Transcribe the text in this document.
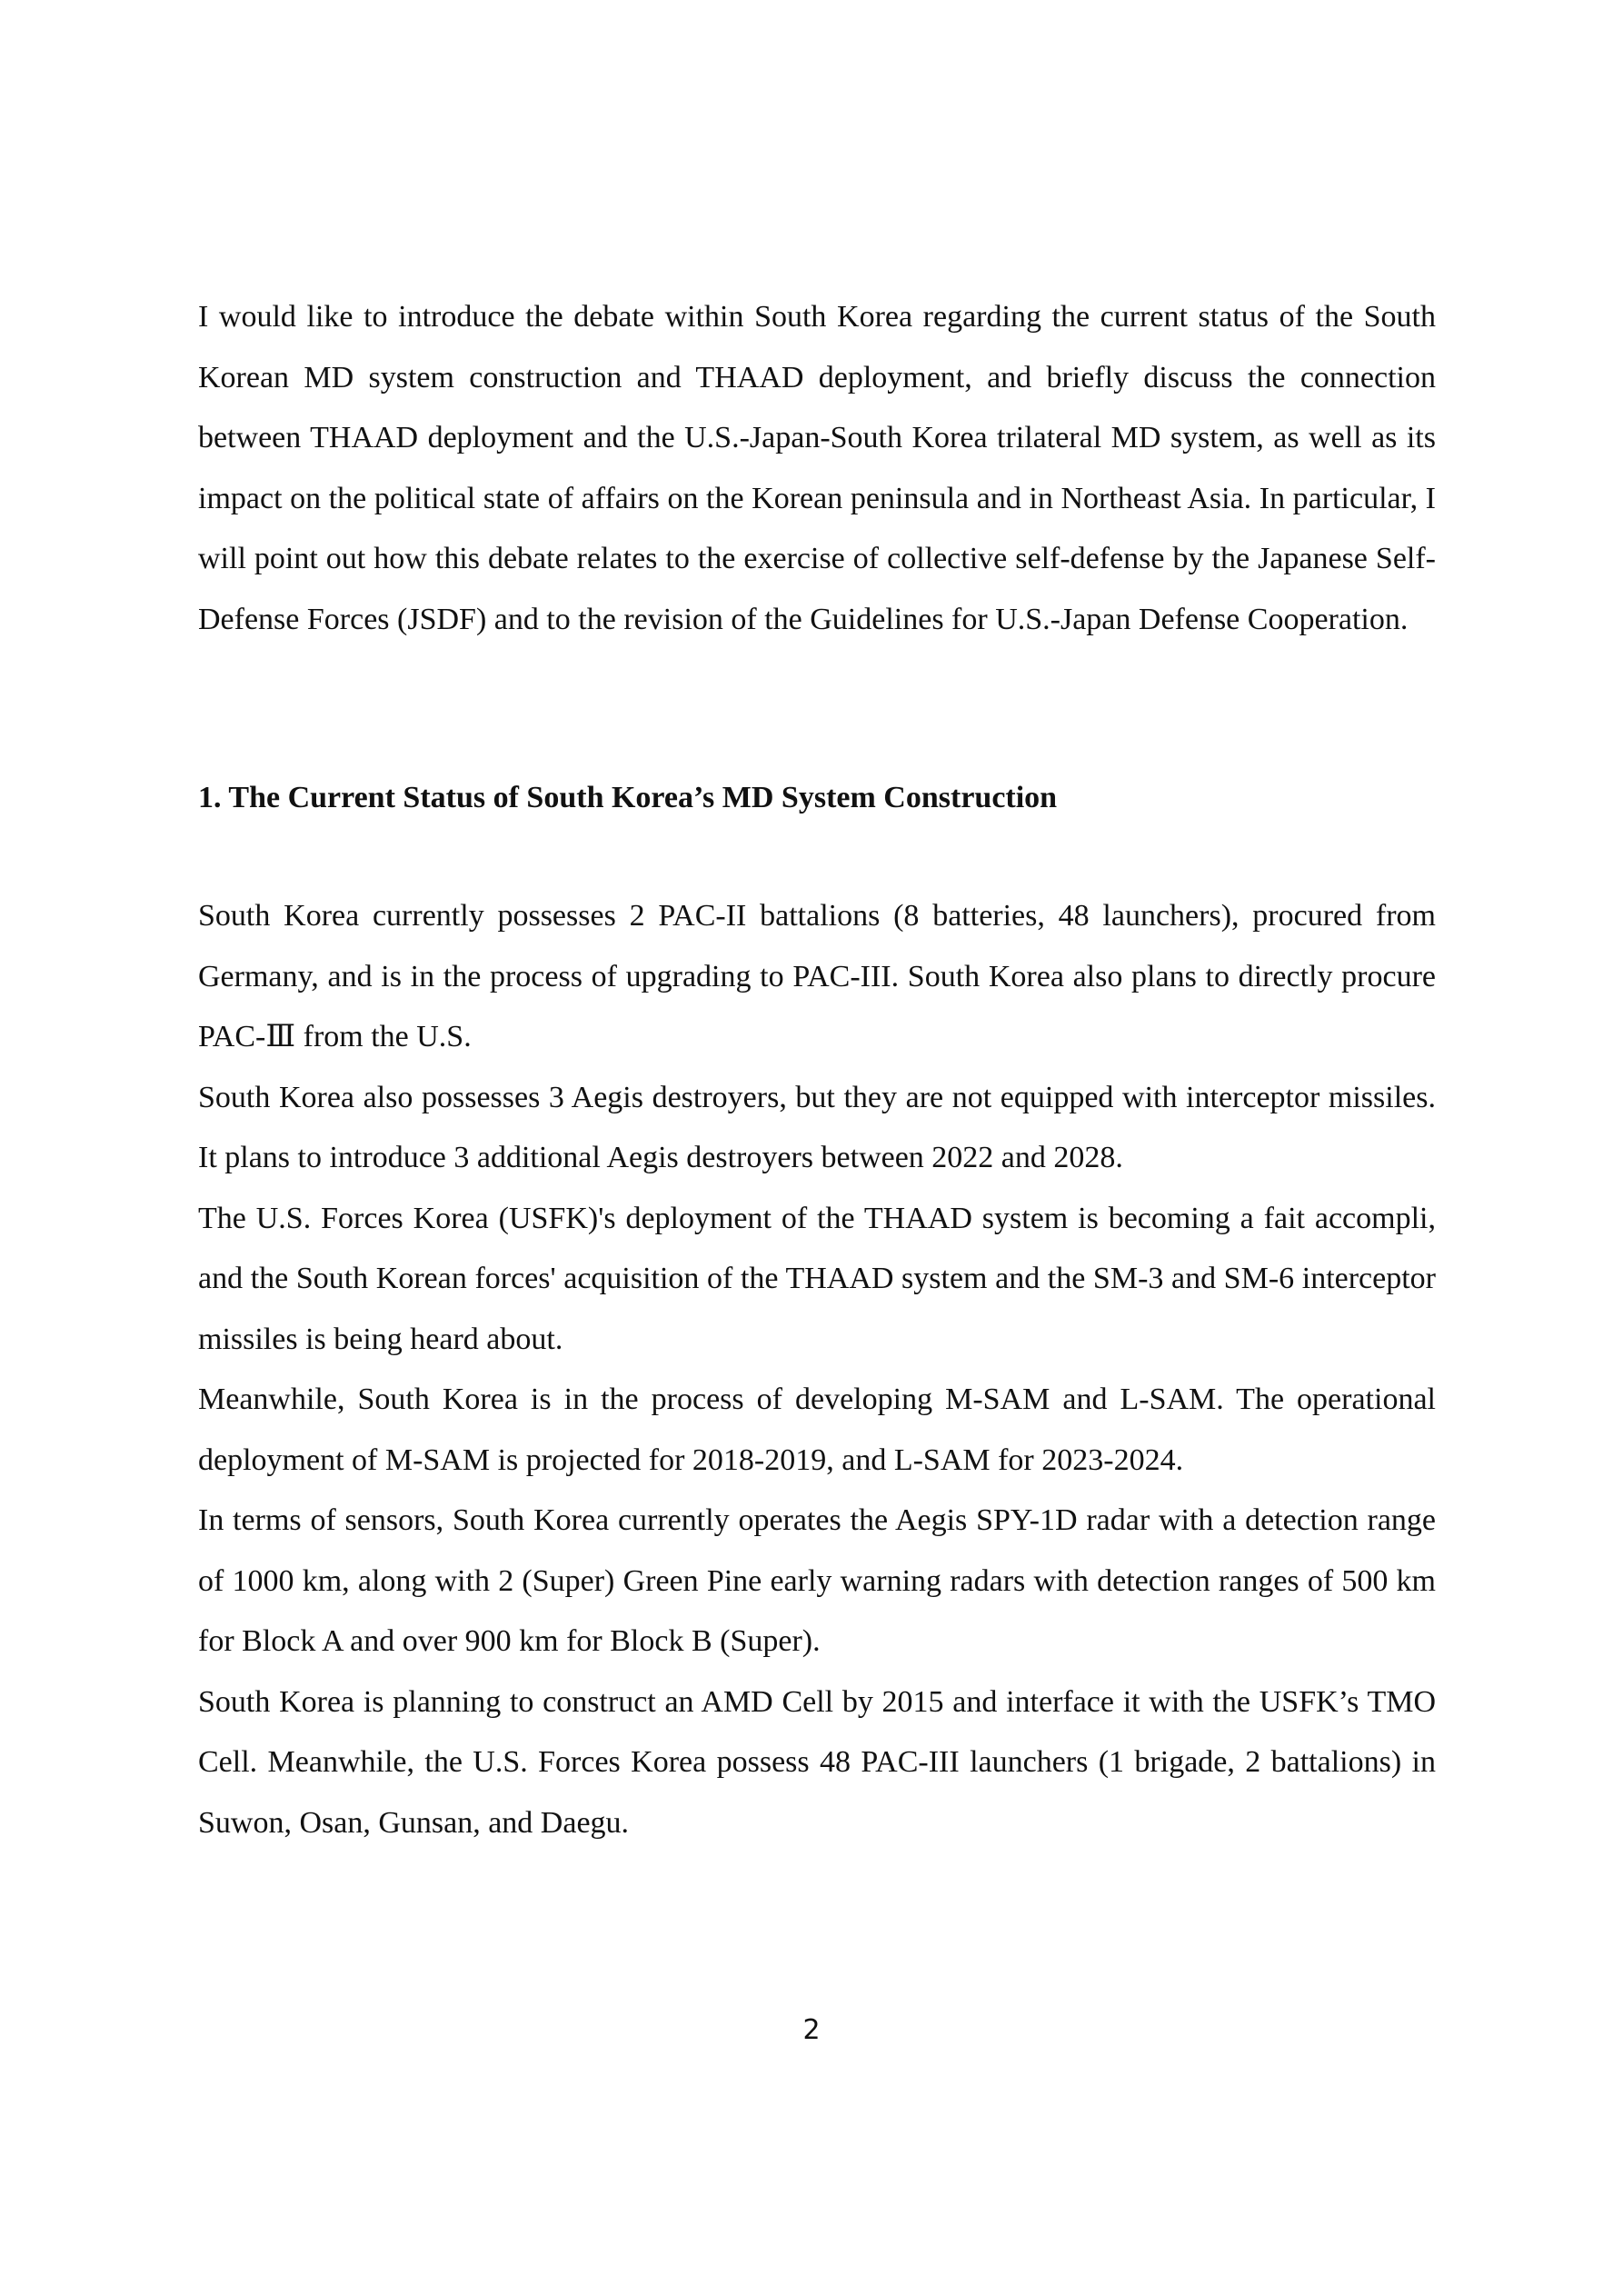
I would like to introduce the debate within South Korea regarding the current status of the South Korean MD system construction and THAAD deployment, and briefly discuss the connection between THAAD deployment and the U.S.-Japan-South Korea trilateral MD system, as well as its impact on the political state of affairs on the Korean peninsula and in Northeast Asia. In particular, I will point out how this debate relates to the exercise of collective self-defense by the Japanese Self-Defense Forces (JSDF) and to the revision of the Guidelines for U.S.-Japan Defense Cooperation.

1. The Current Status of South Korea’s MD System Construction

South Korea currently possesses 2 PAC-II battalions (8 batteries, 48 launchers), procured from Germany, and is in the process of upgrading to PAC-III. South Korea also plans to directly procure PAC-Ⅲ from the U.S.

South Korea also possesses 3 Aegis destroyers, but they are not equipped with interceptor missiles. It plans to introduce 3 additional Aegis destroyers between 2022 and 2028.

The U.S. Forces Korea (USFK)'s deployment of the THAAD system is becoming a fait accompli, and the South Korean forces' acquisition of the THAAD system and the SM-3 and SM-6 interceptor missiles is being heard about.

Meanwhile, South Korea is in the process of developing M-SAM and L-SAM. The operational deployment of M-SAM is projected for 2018-2019, and L-SAM for 2023-2024.

In terms of sensors, South Korea currently operates the Aegis SPY-1D radar with a detection range of 1000 km, along with 2 (Super) Green Pine early warning radars with detection ranges of 500 km for Block A and over 900 km for Block B (Super).

South Korea is planning to construct an AMD Cell by 2015 and interface it with the USFK’s TMO Cell. Meanwhile, the U.S. Forces Korea possess 48 PAC-III launchers (1 brigade, 2 battalions) in Suwon, Osan, Gunsan, and Daegu.

2
